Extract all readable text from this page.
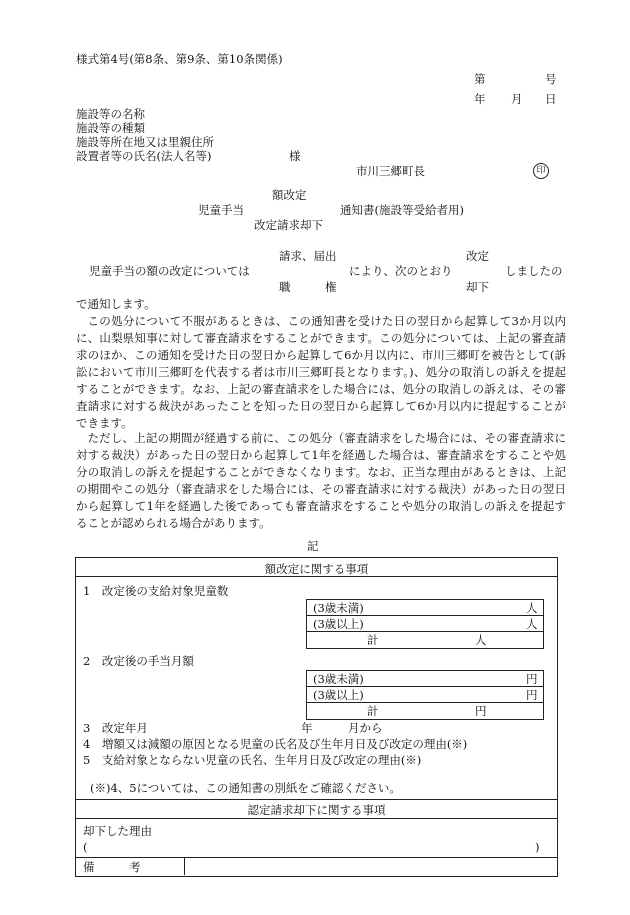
様式第4号(第8条、第9条、第10条関係)
第	号
年 月 日
施設等の名称
施設等の種類
施設等所在地又は里親住所
設置者等の氏名(法人名等)	様
市川三郷町長	印
額改定
児童手当	通知書(施設等受給者用)
改定請求却下
請求、届出	改定
児童手当の額の改定については	により、次のとおり	しましたの
職　　　権	却下
で通知します。

この処分について不服があるときは、この通知書を受けた日の翌日から起算して3か月以内に、山梨県知事に対して審査請求をすることができます。この処分については、上記の審査請求のほか、この通知を受けた日の翌日から起算して6か月以内に、市川三郷町を被告として(訴訟において市川三郷町を代表する者は市川三郷町長となります。)、処分の取消しの訴えを提起することができます。なお、上記の審査請求をした場合には、処分の取消しの訴えは、その審査請求に対する裁決があったことを知った日の翌日から起算して6か月以内に提起することができます。

ただし、上記の期間が経過する前に、この処分（審査請求をした場合には、その審査請求に対する裁決）があった日の翌日から起算して1年を経過した場合は、審査請求をすることや処分の取消しの訴えを提起することができなくなります。なお、正当な理由があるときは、上記の期間やこの処分（審査請求をした場合には、その審査請求に対する裁決）があった日の翌日から起算して1年を経過した後であっても審査請求をすることや処分の取消しの訴えを提起することが認められる場合があります。

記
額改定に関する事項
1　改定後の支給対象児童数
(3歳未満)	人
(3歳以上)	人
計	人
2　改定後の手当月額
(3歳未満)	円
(3歳以上)	円
計	円
3　改定年月	年	月から
4　増額又は減額の原因となる児童の氏名及び生年月日及び改定の理由(※)
5　支給対象とならない児童の氏名、生年月日及び改定の理由(※)
(※)4、5については、この通知書の別紙をご確認ください。
認定請求却下に関する事項
却下した理由
(	)
備　　　考
